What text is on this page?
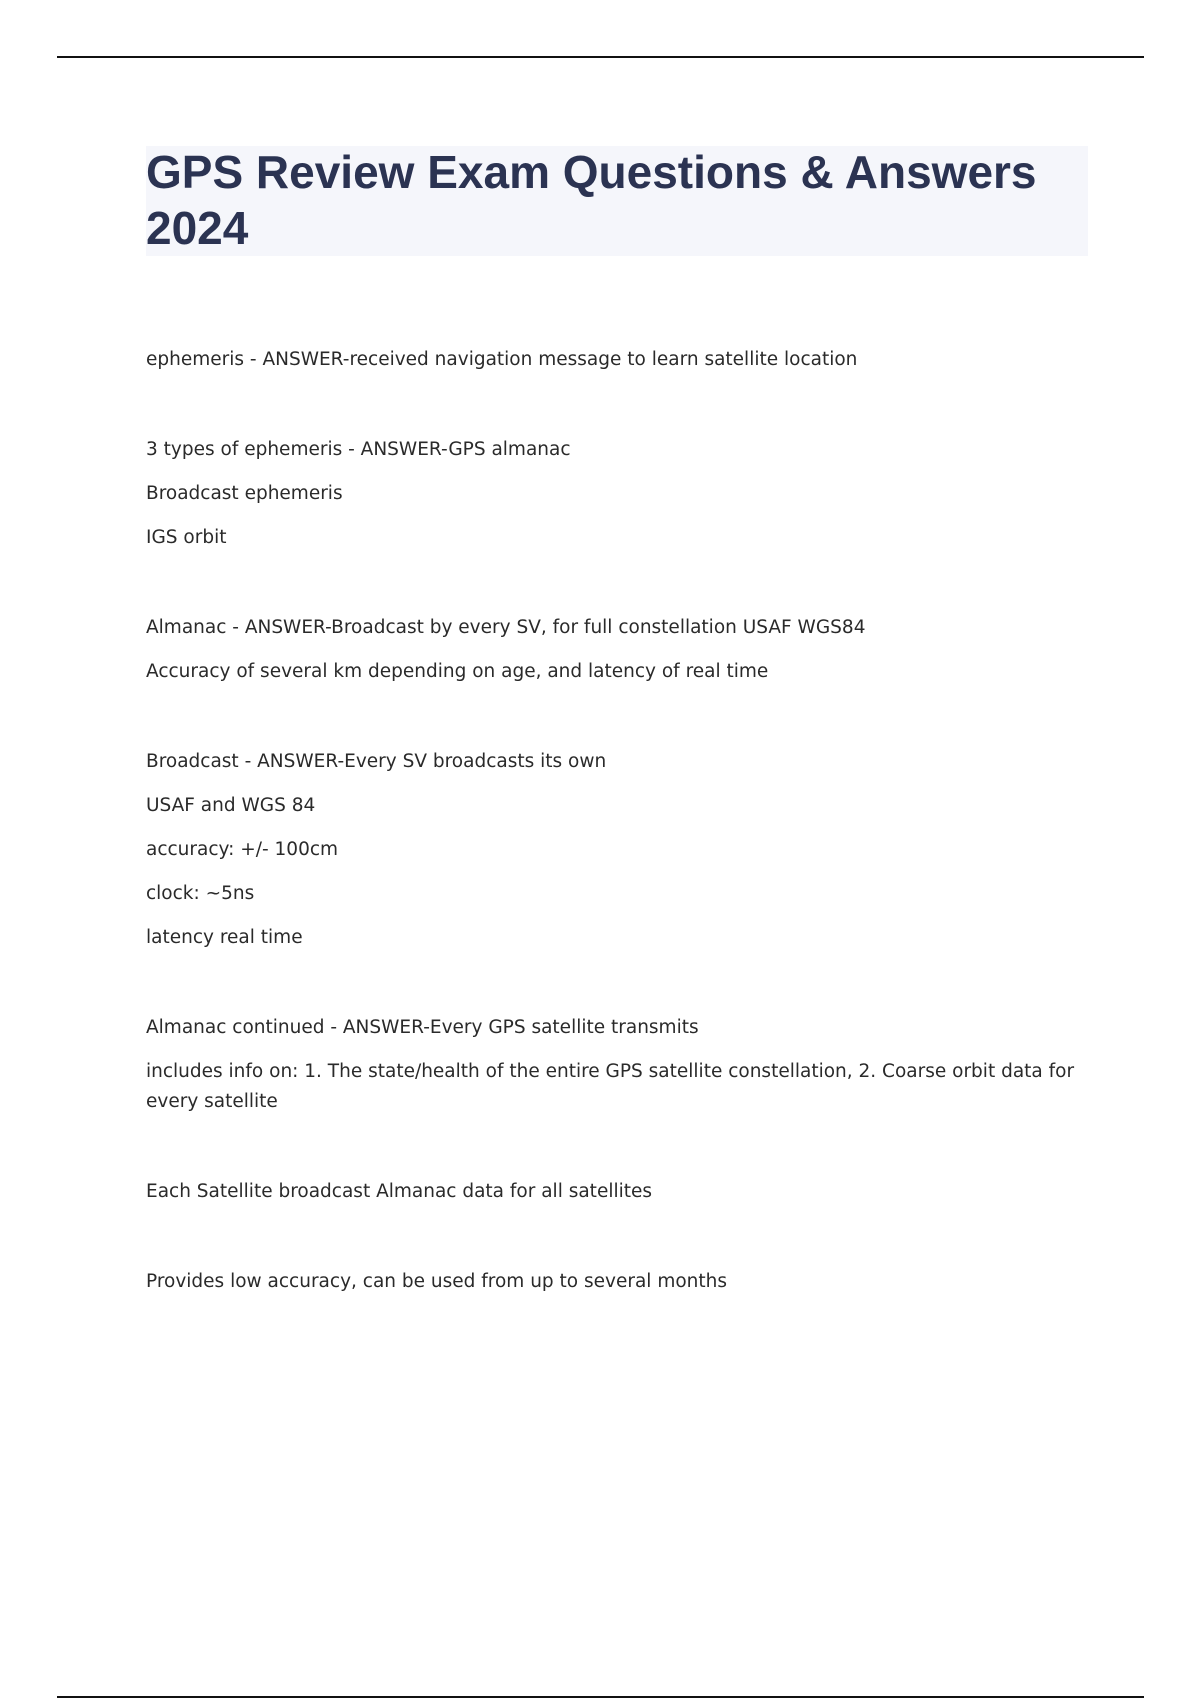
GPS Review Exam Questions & Answers 2024

ephemeris - ANSWER-received navigation message to learn satellite location

3 types of ephemeris - ANSWER-GPS almanac

Broadcast ephemeris

IGS orbit

Almanac - ANSWER-Broadcast by every SV, for full constellation USAF WGS84

Accuracy of several km depending on age, and latency of real time

Broadcast - ANSWER-Every SV broadcasts its own

USAF and WGS 84

accuracy: +/- 100cm

clock: ~5ns

latency real time

Almanac continued - ANSWER-Every GPS satellite transmits

includes info on: 1. The state/health of the entire GPS satellite constellation, 2. Coarse orbit data for every satellite

Each Satellite broadcast Almanac data for all satellites

Provides low accuracy, can be used from up to several months
